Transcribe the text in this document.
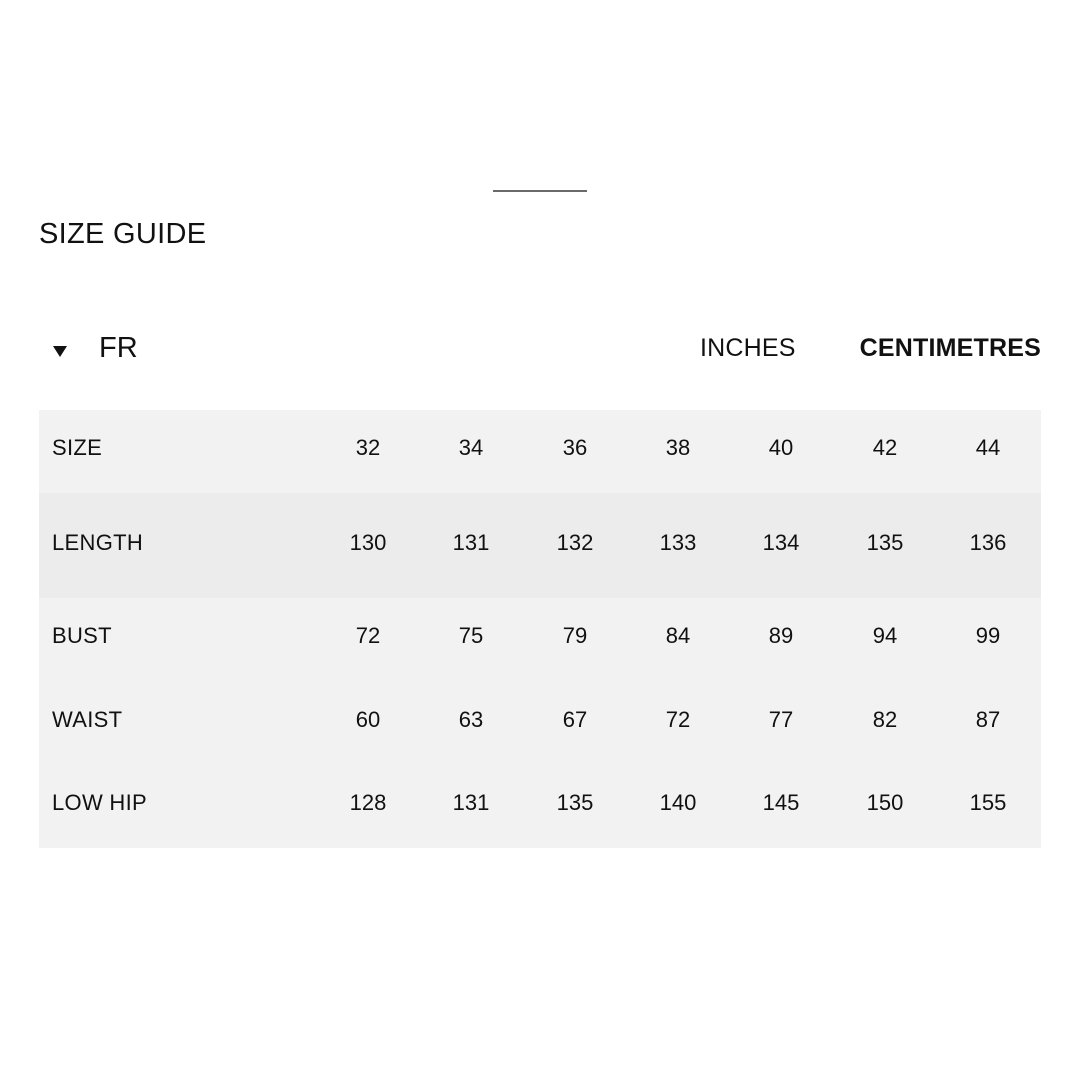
SIZE GUIDE
FR	INCHES	CENTIMETRES
SIZE	32	34	36	38	40	42	44
LENGTH	130	131	132	133	134	135	136
BUST	72	75	79	84	89	94	99
WAIST	60	63	67	72	77	82	87
LOW HIP	128	131	135	140	145	150	155
